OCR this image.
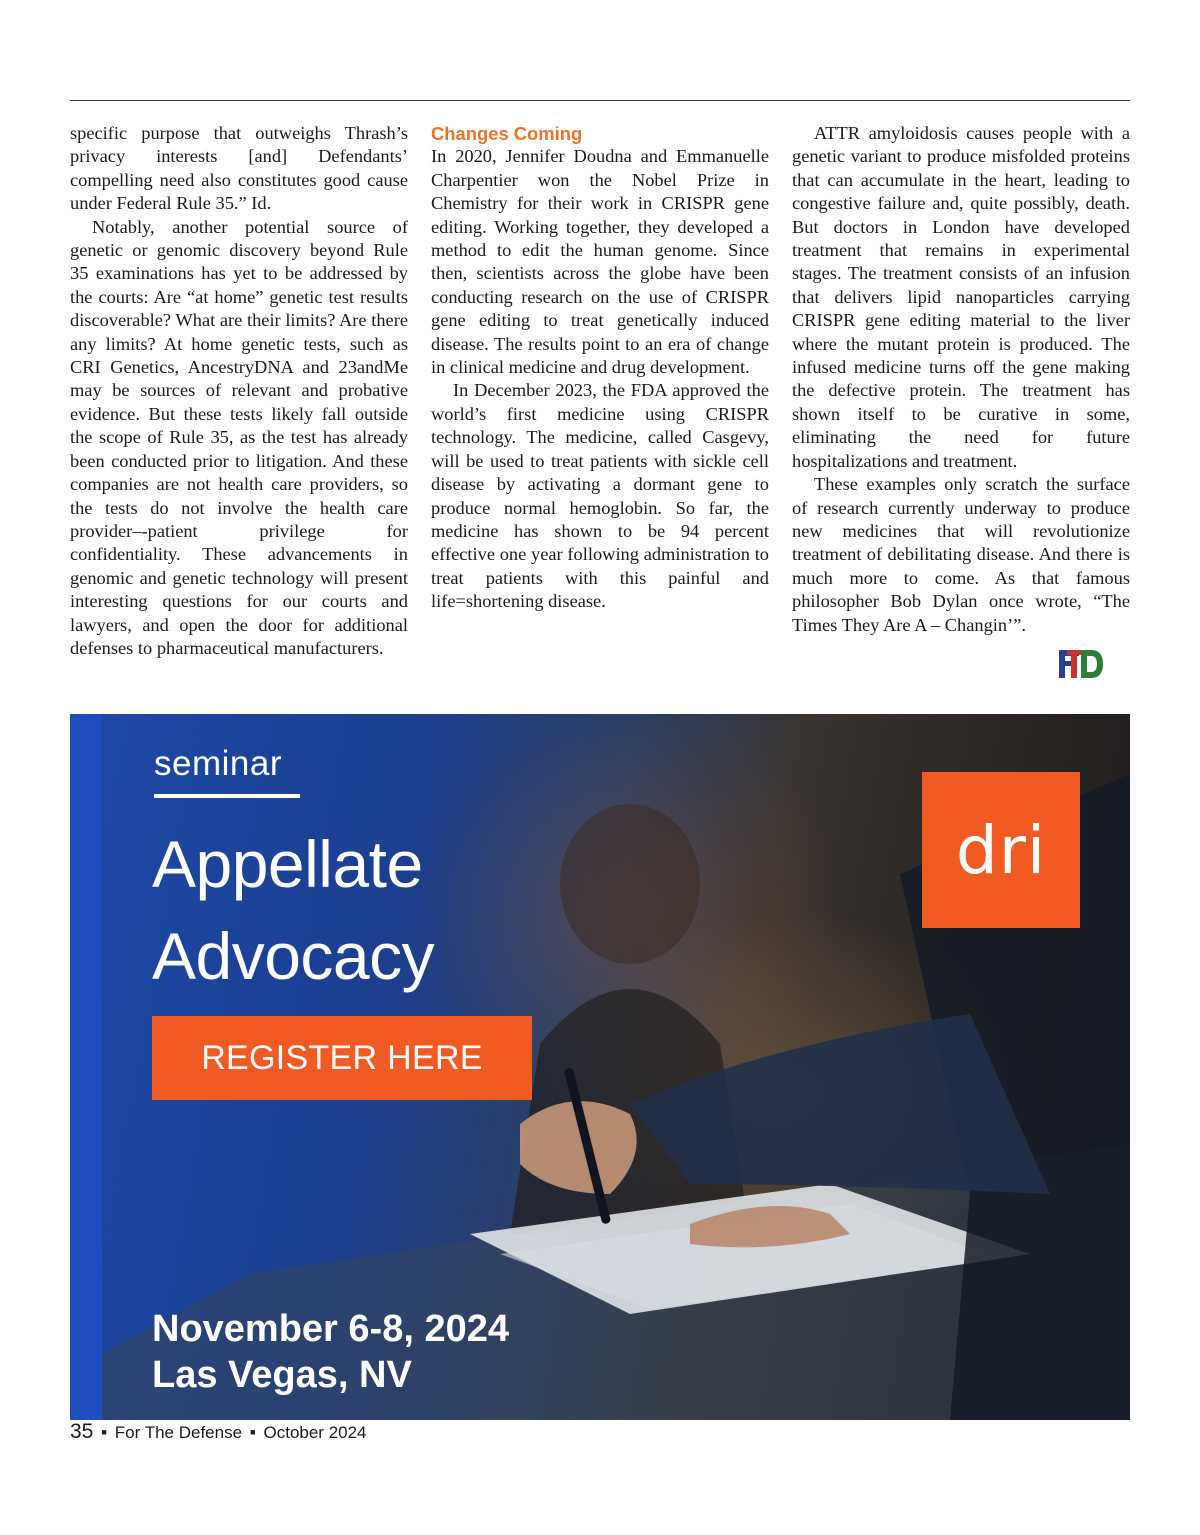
specific purpose that outweighs Thrash’s privacy interests [and] Defendants’ compelling need also constitutes good cause under Federal Rule 35.” Id.

Notably, another potential source of genetic or genomic discovery beyond Rule 35 examinations has yet to be addressed by the courts: Are “at home” genetic test results discoverable? What are their limits? Are there any limits? At home genetic tests, such as CRI Genetics, AncestryDNA and 23andMe may be sources of relevant and probative evidence. But these tests likely fall outside the scope of Rule 35, as the test has already been conducted prior to litigation. And these companies are not health care providers, so the tests do not involve the health care provider–-patient privilege for confidentiality. These advancements in genomic and genetic technology will present interesting questions for our courts and lawyers, and open the door for additional defenses to pharmaceutical manufacturers.

Changes Coming

In 2020, Jennifer Doudna and Emmanuelle Charpentier won the Nobel Prize in Chemistry for their work in CRISPR gene editing. Working together, they developed a method to edit the human genome. Since then, scientists across the globe have been conducting research on the use of CRISPR gene editing to treat genetically induced disease. The results point to an era of change in clinical medicine and drug development.

In December 2023, the FDA approved the world’s first medicine using CRISPR technology. The medicine, called Casgevy, will be used to treat patients with sickle cell disease by activating a dormant gene to produce normal hemoglobin. So far, the medicine has shown to be 94 percent effective one year following administration to treat patients with this painful and life=shortening disease.

ATTR amyloidosis causes people with a genetic variant to produce misfolded proteins that can accumulate in the heart, leading to congestive failure and, quite possibly, death. But doctors in London have developed treatment that remains in experimental stages. The treatment consists of an infusion that delivers lipid nanoparticles carrying CRISPR gene editing material to the liver where the mutant protein is produced. The infused medicine turns off the gene making the defective protein. The treatment has shown itself to be curative in some, eliminating the need for future hospitalizations and treatment.

These examples only scratch the surface of research currently underway to produce new medicines that will revolutionize treatment of debilitating disease. And there is much more to come. As that famous philosopher Bob Dylan once wrote, “The Times They Are A – Changin’”.

seminar
Appellate
Advocacy
REGISTER HERE
dri
November 6-8, 2024
Las Vegas, NV
35 ■ For The Defense ■ October 2024
